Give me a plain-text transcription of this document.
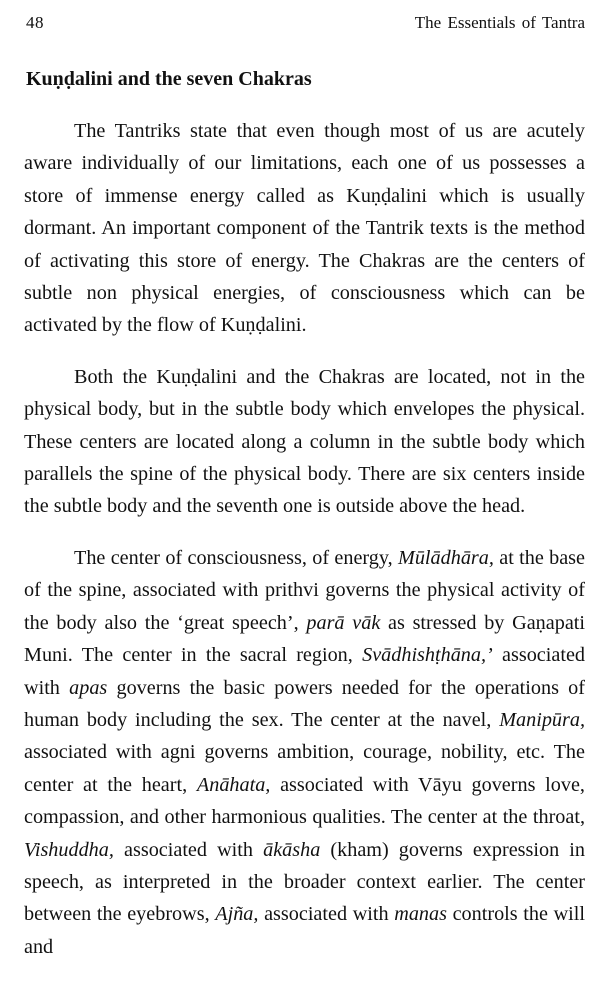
48	The Essentials of Tantra
Kuṇḍalini and the seven Chakras

The Tantriks state that even though most of us are acutely aware individually of our limitations, each one of us possesses a store of immense energy called as Kuṇḍalini which is usually dormant. An important component of the Tantrik texts is the method of activating this store of energy. The Chakras are the centers of subtle non physical energies, of consciousness which can be activated by the flow of Kuṇḍalini.

Both the Kuṇḍalini and the Chakras are located, not in the physical body, but in the subtle body which envelopes the physical. These centers are located along a column in the subtle body which parallels the spine of the physical body. There are six centers inside the subtle body and the seventh one is outside above the head.

The center of consciousness, of energy, Mūlādhāra, at the base of the spine, associated with prithvi governs the physical activity of the body also the ‘great speech’, parā vāk as stressed by Gaṇapati Muni. The center in the sacral region, Svādhishṭhāna,’ associated with apas governs the basic powers needed for the operations of human body including the sex. The center at the navel, Manipūra, associated with agni governs ambition, courage, nobility, etc. The center at the heart, Anāhata, associated with Vāyu governs love, compassion, and other harmonious qualities. The center at the throat, Vishuddha, associated with ākāsha (kham) governs expression in speech, as interpreted in the broader context earlier. The center between the eyebrows, Ajña, associated with manas controls the will and
